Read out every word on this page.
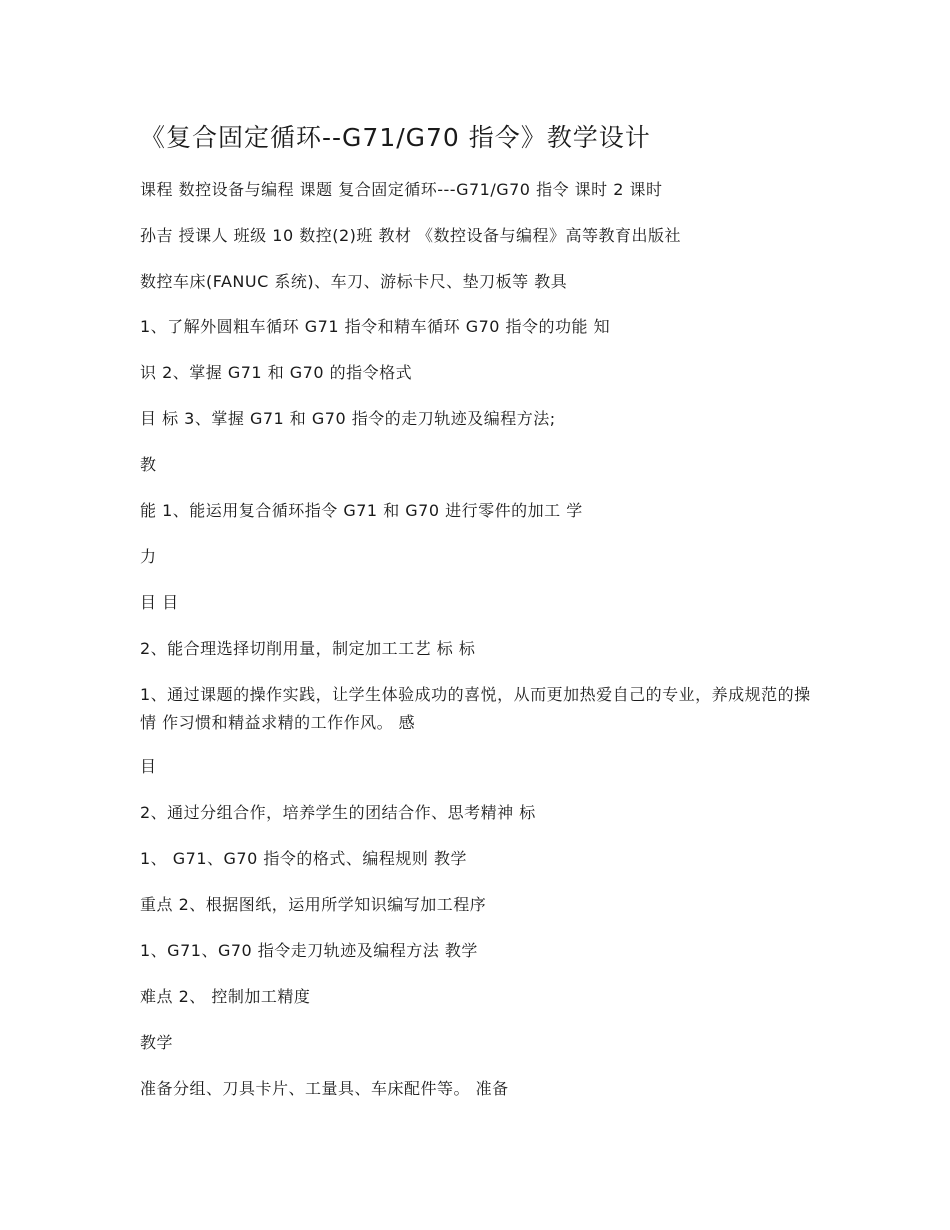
《复合固定循环--G71/G70 指令》教学设计

课程 数控设备与编程 课题 复合固定循环---G71/G70 指令 课时 2 课时

孙吉 授课人 班级 10 数控(2)班 教材 《数控设备与编程》高等教育出版社

数控车床(FANUC 系统)、车刀、游标卡尺、垫刀板等 教具

1、了解外圆粗车循环 G71 指令和精车循环 G70 指令的功能 知

识 2、掌握 G71 和 G70 的指令格式

目 标 3、掌握 G71 和 G70 指令的走刀轨迹及编程方法;

教

能 1、能运用复合循环指令 G71 和 G70 进行零件的加工 学

力

目 目

2、能合理选择切削用量，制定加工工艺 标 标

1、通过课题的操作实践，让学生体验成功的喜悦，从而更加热爱自己的专业，养成规范的操情 作习惯和精益求精的工作作风。 感

目

2、通过分组合作，培养学生的团结合作、思考精神 标

1、 G71、G70 指令的格式、编程规则 教学

重点 2、根据图纸，运用所学知识编写加工程序

1、G71、G70 指令走刀轨迹及编程方法 教学

难点 2、 控制加工精度

教学

准备分组、刀具卡片、工量具、车床配件等。 准备
